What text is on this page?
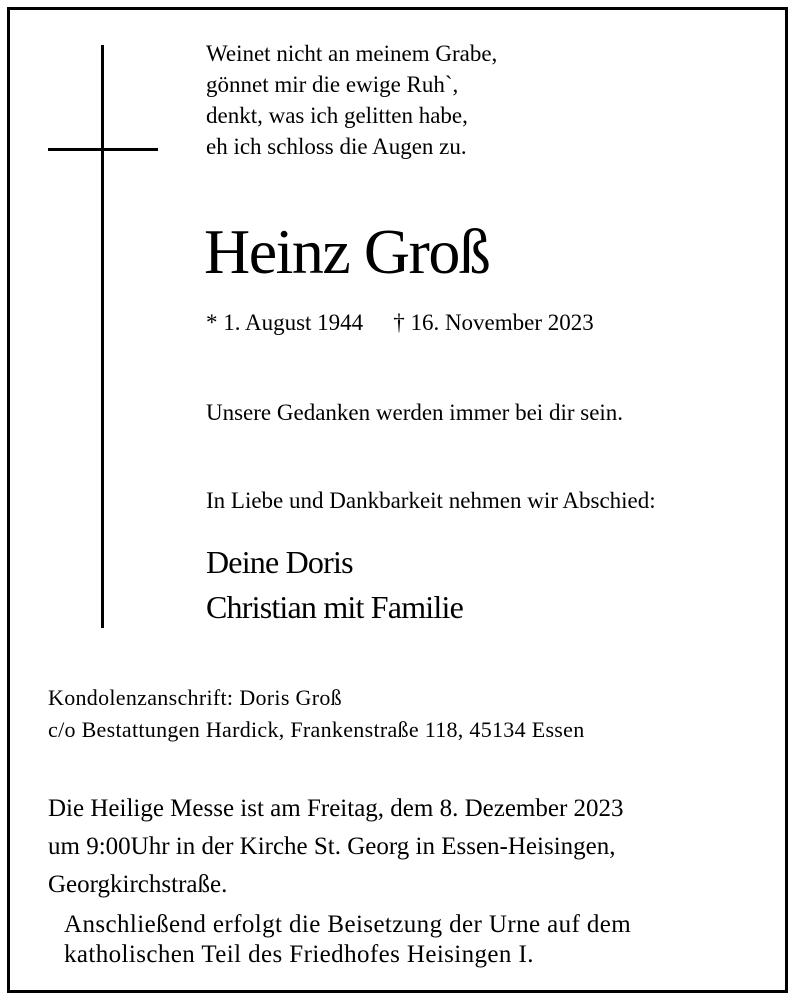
Weinet nicht an meinem Grabe,
gönnet mir die ewige Ruh`,
denkt, was ich gelitten habe,
eh ich schloss die Augen zu.
Heinz Groß
* 1. August 1944 † 16. November 2023
Unsere Gedanken werden immer bei dir sein.
In Liebe und Dankbarkeit nehmen wir Abschied:
Deine Doris
Christian mit Familie
Kondolenzanschrift: Doris Groß
c/o Bestattungen Hardick, Frankenstraße 118, 45134 Essen
Die Heilige Messe ist am Freitag, dem 8. Dezember 2023
um 9:00Uhr in der Kirche St. Georg in Essen-Heisingen,
Georgkirchstraße.
Anschließend erfolgt die Beisetzung der Urne auf dem
katholischen Teil des Friedhofes Heisingen I.
